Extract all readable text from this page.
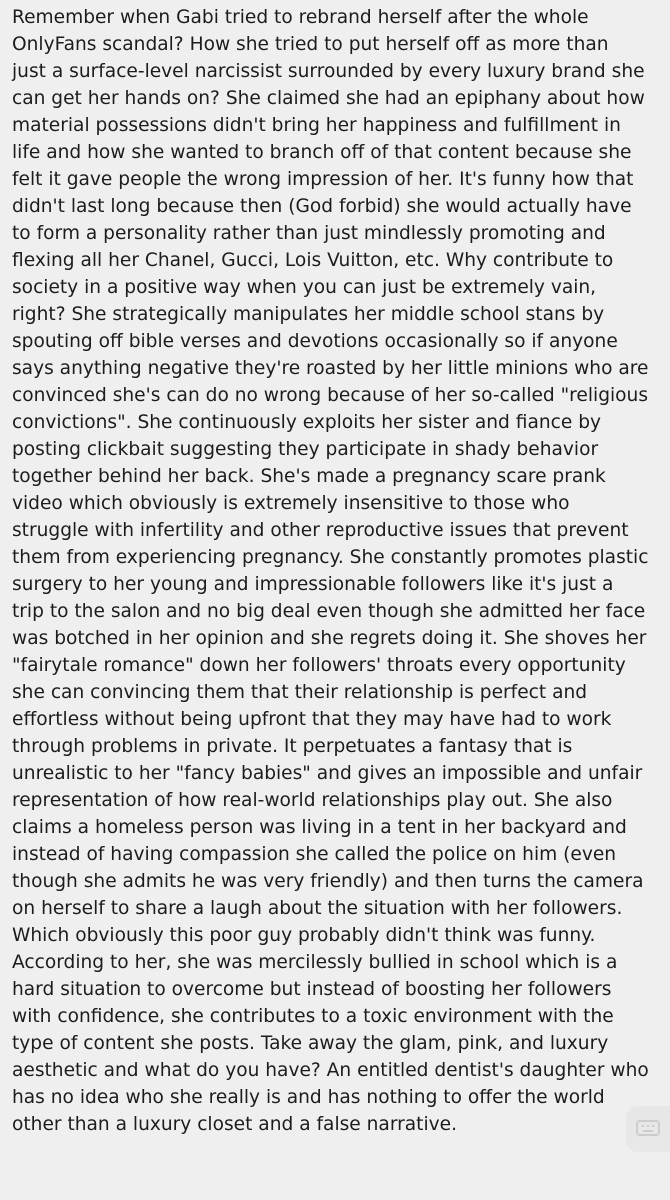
Remember when Gabi tried to rebrand herself after the whole
OnlyFans scandal? How she tried to put herself off as more than
just a surface-level narcissist surrounded by every luxury brand she
can get her hands on? She claimed she had an epiphany about how
material possessions didn't bring her happiness and fulfillment in
life and how she wanted to branch off of that content because she
felt it gave people the wrong impression of her. It's funny how that
didn't last long because then (God forbid) she would actually have
to form a personality rather than just mindlessly promoting and
flexing all her Chanel, Gucci, Lois Vuitton, etc. Why contribute to
society in a positive way when you can just be extremely vain,
right? She strategically manipulates her middle school stans by
spouting off bible verses and devotions occasionally so if anyone
says anything negative they're roasted by her little minions who are
convinced she's can do no wrong because of her so-called "religious
convictions". She continuously exploits her sister and fiance by
posting clickbait suggesting they participate in shady behavior
together behind her back. She's made a pregnancy scare prank
video which obviously is extremely insensitive to those who
struggle with infertility and other reproductive issues that prevent
them from experiencing pregnancy. She constantly promotes plastic
surgery to her young and impressionable followers like it's just a
trip to the salon and no big deal even though she admitted her face
was botched in her opinion and she regrets doing it. She shoves her
"fairytale romance" down her followers' throats every opportunity
she can convincing them that their relationship is perfect and
effortless without being upfront that they may have had to work
through problems in private. It perpetuates a fantasy that is
unrealistic to her "fancy babies" and gives an impossible and unfair
representation of how real-world relationships play out. She also
claims a homeless person was living in a tent in her backyard and
instead of having compassion she called the police on him (even
though she admits he was very friendly) and then turns the camera
on herself to share a laugh about the situation with her followers.
Which obviously this poor guy probably didn't think was funny.
According to her, she was mercilessly bullied in school which is a
hard situation to overcome but instead of boosting her followers
with confidence, she contributes to a toxic environment with the
type of content she posts. Take away the glam, pink, and luxury
aesthetic and what do you have? An entitled dentist's daughter who
has no idea who she really is and has nothing to offer the world
other than a luxury closet and a false narrative.
